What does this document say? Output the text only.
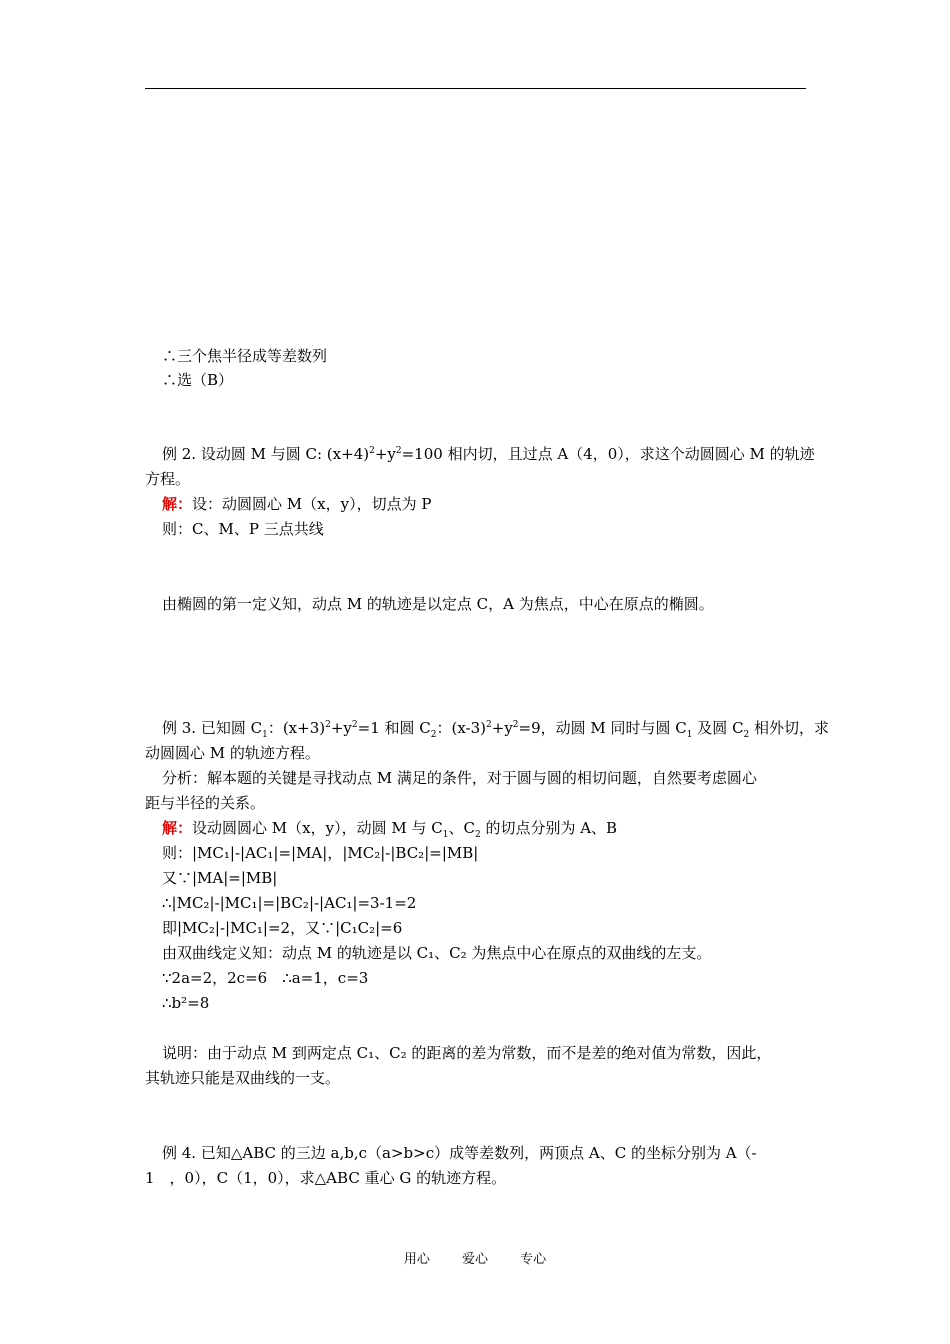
∴三个焦半径成等差数列
∴选（B）
例 2. 设动圆 M 与圆 C: $(x+4)^2+y^2=100$ 相内切，且过点 A（4，0），求这个动圆圆心 M 的轨迹
方程。
解：设：动圆圆心 M（x，y），切点为 P
则：C、M、P 三点共线
由椭圆的第一定义知，动点 M 的轨迹是以定点 C，A 为焦点，中心在原点的椭圆。
例 3. 已知圆 $C_1$：$(x+3)^2+y^2=1$ 和圆 $C_2$：$(x-3)^2+y^2=9$，动圆 M 同时与圆 $C_1$ 及圆 $C_2$ 相外切，求
动圆圆心 M 的轨迹方程。
分析：解本题的关键是寻找动点 M 满足的条件，对于圆与圆的相切问题，自然要考虑圆心
距与半径的关系。
解：设动圆圆心 M（x，y），动圆 M 与 $C_1$、$C_2$ 的切点分别为 A、B
则：|MC₁|-|AC₁|=|MA|，|MC₂|-|BC₂|=|MB|
又∵|MA|=|MB|
∴|MC₂|-|MC₁|=|BC₂|-|AC₁|=3-1=2
即|MC₂|-|MC₁|=2，又∵|C₁C₂|=6
由双曲线定义知：动点 M 的轨迹是以 C₁、C₂ 为焦点中心在原点的双曲线的左支。
∵2a=2，2c=6　∴a=1，c=3
∴b²=8
说明：由于动点 M 到两定点 C₁、C₂ 的距离的差为常数，而不是差的绝对值为常数，因此，
其轨迹只能是双曲线的一支。
例 4. 已知△ABC 的三边 a,b,c（a>b>c）成等差数列，两顶点 A、C 的坐标分别为 A（-
1　，0），C（1，0），求△ABC 重心 G 的轨迹方程。
用心 爱心 专心
